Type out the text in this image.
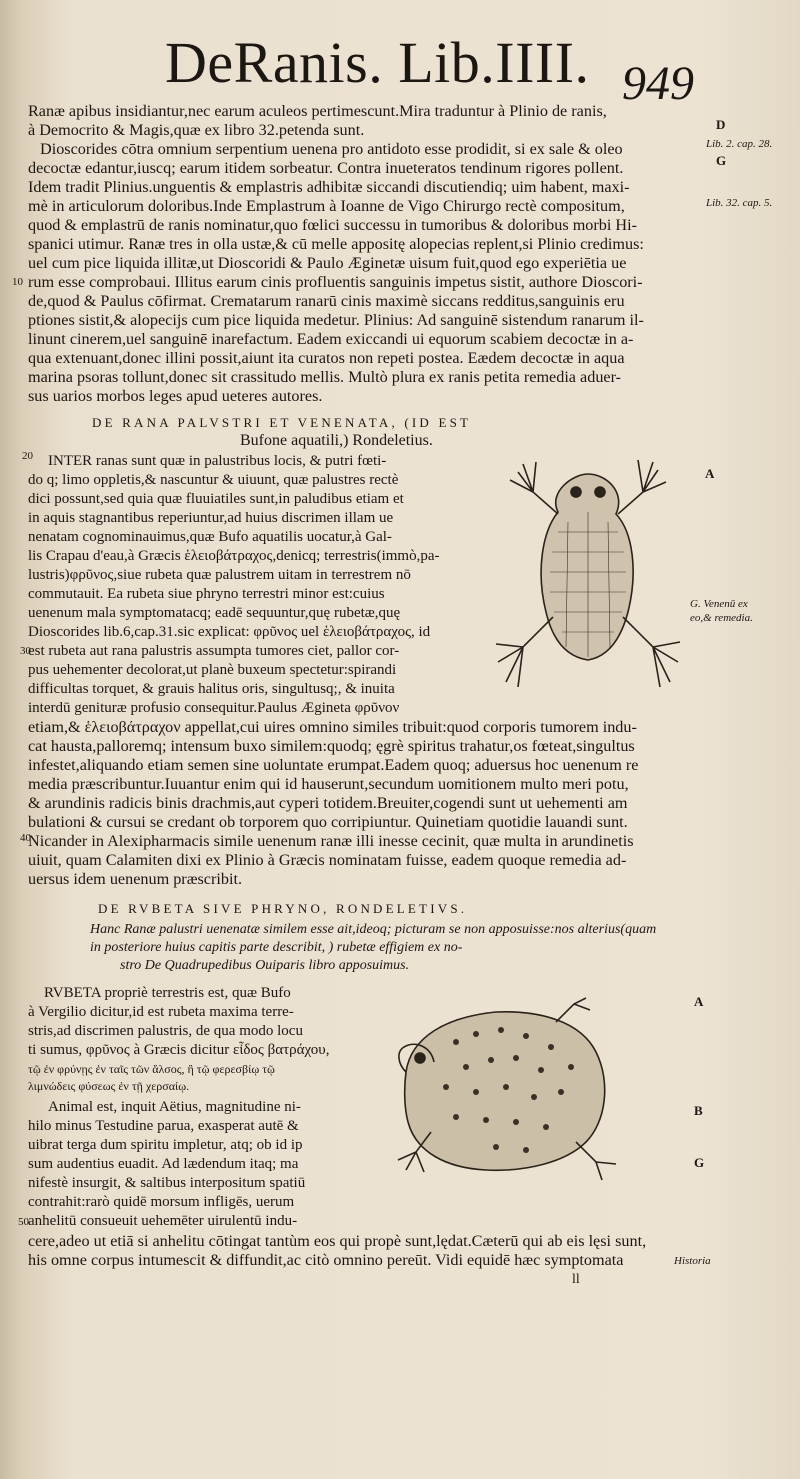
DeRanis. Lib.IIII. 949
Ranæ apibus insidiantur,nec earum aculeos pertimescunt.Mira traduntur à Plinio de ranis,
à Democrito & Magis,quæ ex libro 32.petenda sunt.
Dioscorides cōtra omnium serpentium uenena pro antidoto esse prodidit, si ex sale & oleo
decoctæ edantur,iuscq; earum itidem sorbeatur. Contra inueteratos tendinum rigores pollent.
Idem tradit Plinius.unguentis & emplastris adhibitæ siccandi discutiendiq; uim habent, maxi-
mè in articulorum doloribus.Inde Emplastrum à Ioanne de Vigo Chirurgo rectè compositum,
quod & emplastrū de ranis nominatur,quo fœlici successu in tumoribus & doloribus morbi Hi-
spanici utimur. Ranæ tres in olla ustæ,& cū melle appositę alopecias replent,si Plinio credimus:
uel cum pice liquida illitæ,ut Dioscoridi & Paulo Æginetæ uisum fuit,quod ego experiētia ue
rum esse comprobaui. Illitus earum cinis profluentis sanguinis impetus sistit, authore Dioscori-
de,quod & Paulus cōfirmat. Crematarum ranarū cinis maximè siccans redditus,sanguinis eru
ptiones sistit,& alopecijs cum pice liquida medetur. Plinius: Ad sanguinē sistendum ranarum il-
linunt cinerem,uel sanguinē inarefactum. Eadem exiccandi ui equorum scabiem decoctæ in a-
qua extenuant,donec illini possit,aiunt ita curatos non repeti postea. Eædem decoctæ in aqua
marina psoras tollunt,donec sit crassitudo mellis. Multò plura ex ranis petita remedia aduer-
sus uarios morbos leges apud ueteres autores.
10
D
G
Lib. 2. cap. 28.
Lib. 32. cap. 5.
DE RANA PALVSTRI ET VENENATA, (ID EST
Bufone aquatili,) Rondeletius.
INTER ranas sunt quæ in palustribus locis, & putri fœti-
do q; limo oppletis,& nascuntur & uiuunt, quæ palustres rectè
dici possunt,sed quia quæ fluuiatiles sunt,in paludibus etiam et
in aquis stagnantibus reperiuntur,ad huius discrimen illam ue
nenatam cognominauimus,quæ Bufo aquatilis uocatur,à Gal-
lis Crapau d'eau,à Græcis ἑλειοβάτραχος,denicq; terrestris(immò,pa-
lustris)φρῦνος,siue rubeta quæ palustrem uitam in terrestrem nō
commutauit. Ea rubeta siue phryno terrestri minor est:cuius
uenenum mala symptomatacq; eadē sequuntur,quę rubetæ,quę
Dioscorides lib.6,cap.31.sic explicat: φρῦνος uel ἑλειοβάτραχος, id
est rubeta aut rana palustris assumpta tumores ciet, pallor cor-
pus uehementer decolorat,ut planè buxeum spectetur:spirandi
difficultas torquet, & grauis halitus oris, singultusq;, & inuita
interdū genituræ profusio consequitur.Paulus Ægineta φρῦνον
20
30
40
A
G. Venenū ex
eo,& remedia.
etiam,& ἑλειοβάτραχον appellat,cui uires omnino similes tribuit:quod corporis tumorem indu-
cat hausta,palloremq; intensum buxo similem:quodq; ęgrè spiritus trahatur,os fœteat,singultus
infestet,aliquando etiam semen sine uoluntate erumpat.Eadem quoq; aduersus hoc uenenum re
media præscribuntur.Iuuantur enim qui id hauserunt,secundum uomitionem multo meri potu,
& arundinis radicis binis drachmis,aut cyperi totidem.Breuiter,cogendi sunt ut uehementi am
bulationi & cursui se credant ob torporem quo corripiuntur. Quinetiam quotidie lauandi sunt.
Nicander in Alexipharmacis simile uenenum ranæ illi inesse cecinit, quæ multa in arundinetis
uiuit, quam Calamiten dixi ex Plinio à Græcis nominatam fuisse, eadem quoque remedia ad-
uersus idem uenenum præscribit.
DE RVBETA SIVE PHRYNO, RONDELETIVS.
Hanc Ranæ palustri uenenatæ similem esse ait,ideoq; picturam se non apposuisse:nos alterius(quam
in posteriore huius capitis parte describit, ) rubetæ effigiem ex no-
stro De Quadrupedibus Ouiparis libro apposuimus.
RVBETA propriè terrestris est, quæ Bufo
à Vergilio dicitur,id est rubeta maxima terre-
stris,ad discrimen palustris, de qua modo locu
ti sumus, φρῦνος à Græcis dicitur εἶδος βατράχου,
τῷ ἐν φρύνῃς ἐν ταῖς τῶν ἄλσος, ἢ τῷ φερεσβίῳ τῷ
λιμνώδεις φύσεως ἐν τῇ χερσαίῳ.
Animal est, inquit Aëtius, magnitudine ni-
hilo minus Testudine parua, exasperat autē &
uibrat terga dum spiritu impletur, atq; ob id ip
sum audentius euadit. Ad lædendum itaq; ma
nifestè insurgit, & saltibus interpositum spatiū
contrahit:rarò quidē morsum infligēs, uerum
anhelitū consueuit uehemēter uirulentū indu-
A
B
G
50
cere,adeo ut etiā si anhelitu cōtingat tantùm eos qui propè sunt,lędat.Cæterū qui ab eis lęsi sunt,
his omne corpus intumescit & diffundit,ac citò omnino pereūt. Vidi equidē hæc symptomata	Historia
ll
